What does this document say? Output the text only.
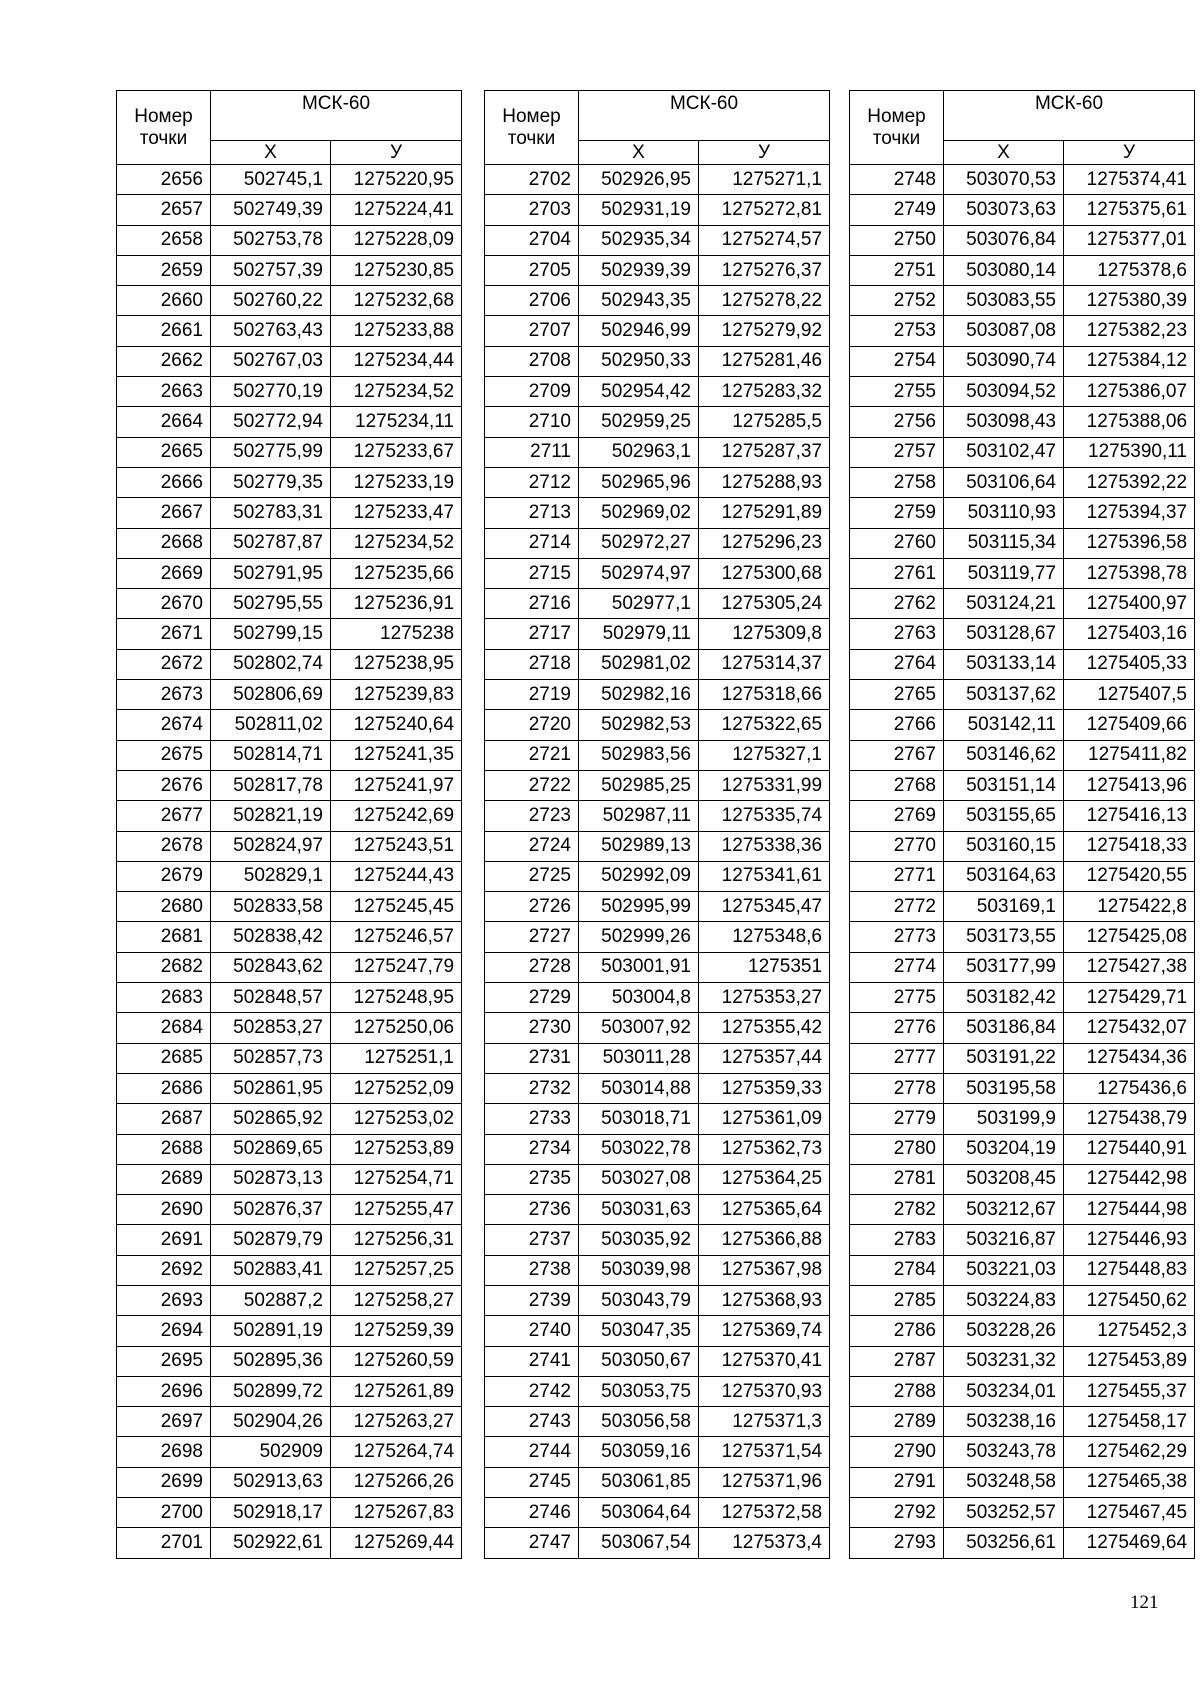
Номер точки	МСК-60	
	X	У
2656	502745,1	1275220,95
2657	502749,39	1275224,41
2658	502753,78	1275228,09
2659	502757,39	1275230,85
2660	502760,22	1275232,68
2661	502763,43	1275233,88
2662	502767,03	1275234,44
2663	502770,19	1275234,52
2664	502772,94	1275234,11
2665	502775,99	1275233,67
2666	502779,35	1275233,19
2667	502783,31	1275233,47
2668	502787,87	1275234,52
2669	502791,95	1275235,66
2670	502795,55	1275236,91
2671	502799,15	1275238
2672	502802,74	1275238,95
2673	502806,69	1275239,83
2674	502811,02	1275240,64
2675	502814,71	1275241,35
2676	502817,78	1275241,97
2677	502821,19	1275242,69
2678	502824,97	1275243,51
2679	502829,1	1275244,43
2680	502833,58	1275245,45
2681	502838,42	1275246,57
2682	502843,62	1275247,79
2683	502848,57	1275248,95
2684	502853,27	1275250,06
2685	502857,73	1275251,1
2686	502861,95	1275252,09
2687	502865,92	1275253,02
2688	502869,65	1275253,89
2689	502873,13	1275254,71
2690	502876,37	1275255,47
2691	502879,79	1275256,31
2692	502883,41	1275257,25
2693	502887,2	1275258,27
2694	502891,19	1275259,39
2695	502895,36	1275260,59
2696	502899,72	1275261,89
2697	502904,26	1275263,27
2698	502909	1275264,74
2699	502913,63	1275266,26
2700	502918,17	1275267,83
2701	502922,61	1275269,44
Номер точки	МСК-60	
	X	У
2702	502926,95	1275271,1
2703	502931,19	1275272,81
2704	502935,34	1275274,57
2705	502939,39	1275276,37
2706	502943,35	1275278,22
2707	502946,99	1275279,92
2708	502950,33	1275281,46
2709	502954,42	1275283,32
2710	502959,25	1275285,5
2711	502963,1	1275287,37
2712	502965,96	1275288,93
2713	502969,02	1275291,89
2714	502972,27	1275296,23
2715	502974,97	1275300,68
2716	502977,1	1275305,24
2717	502979,11	1275309,8
2718	502981,02	1275314,37
2719	502982,16	1275318,66
2720	502982,53	1275322,65
2721	502983,56	1275327,1
2722	502985,25	1275331,99
2723	502987,11	1275335,74
2724	502989,13	1275338,36
2725	502992,09	1275341,61
2726	502995,99	1275345,47
2727	502999,26	1275348,6
2728	503001,91	1275351
2729	503004,8	1275353,27
2730	503007,92	1275355,42
2731	503011,28	1275357,44
2732	503014,88	1275359,33
2733	503018,71	1275361,09
2734	503022,78	1275362,73
2735	503027,08	1275364,25
2736	503031,63	1275365,64
2737	503035,92	1275366,88
2738	503039,98	1275367,98
2739	503043,79	1275368,93
2740	503047,35	1275369,74
2741	503050,67	1275370,41
2742	503053,75	1275370,93
2743	503056,58	1275371,3
2744	503059,16	1275371,54
2745	503061,85	1275371,96
2746	503064,64	1275372,58
2747	503067,54	1275373,4
Номер точки	МСК-60	
	X	У
2748	503070,53	1275374,41
2749	503073,63	1275375,61
2750	503076,84	1275377,01
2751	503080,14	1275378,6
2752	503083,55	1275380,39
2753	503087,08	1275382,23
2754	503090,74	1275384,12
2755	503094,52	1275386,07
2756	503098,43	1275388,06
2757	503102,47	1275390,11
2758	503106,64	1275392,22
2759	503110,93	1275394,37
2760	503115,34	1275396,58
2761	503119,77	1275398,78
2762	503124,21	1275400,97
2763	503128,67	1275403,16
2764	503133,14	1275405,33
2765	503137,62	1275407,5
2766	503142,11	1275409,66
2767	503146,62	1275411,82
2768	503151,14	1275413,96
2769	503155,65	1275416,13
2770	503160,15	1275418,33
2771	503164,63	1275420,55
2772	503169,1	1275422,8
2773	503173,55	1275425,08
2774	503177,99	1275427,38
2775	503182,42	1275429,71
2776	503186,84	1275432,07
2777	503191,22	1275434,36
2778	503195,58	1275436,6
2779	503199,9	1275438,79
2780	503204,19	1275440,91
2781	503208,45	1275442,98
2782	503212,67	1275444,98
2783	503216,87	1275446,93
2784	503221,03	1275448,83
2785	503224,83	1275450,62
2786	503228,26	1275452,3
2787	503231,32	1275453,89
2788	503234,01	1275455,37
2789	503238,16	1275458,17
2790	503243,78	1275462,29
2791	503248,58	1275465,38
2792	503252,57	1275467,45
2793	503256,61	1275469,64
121
